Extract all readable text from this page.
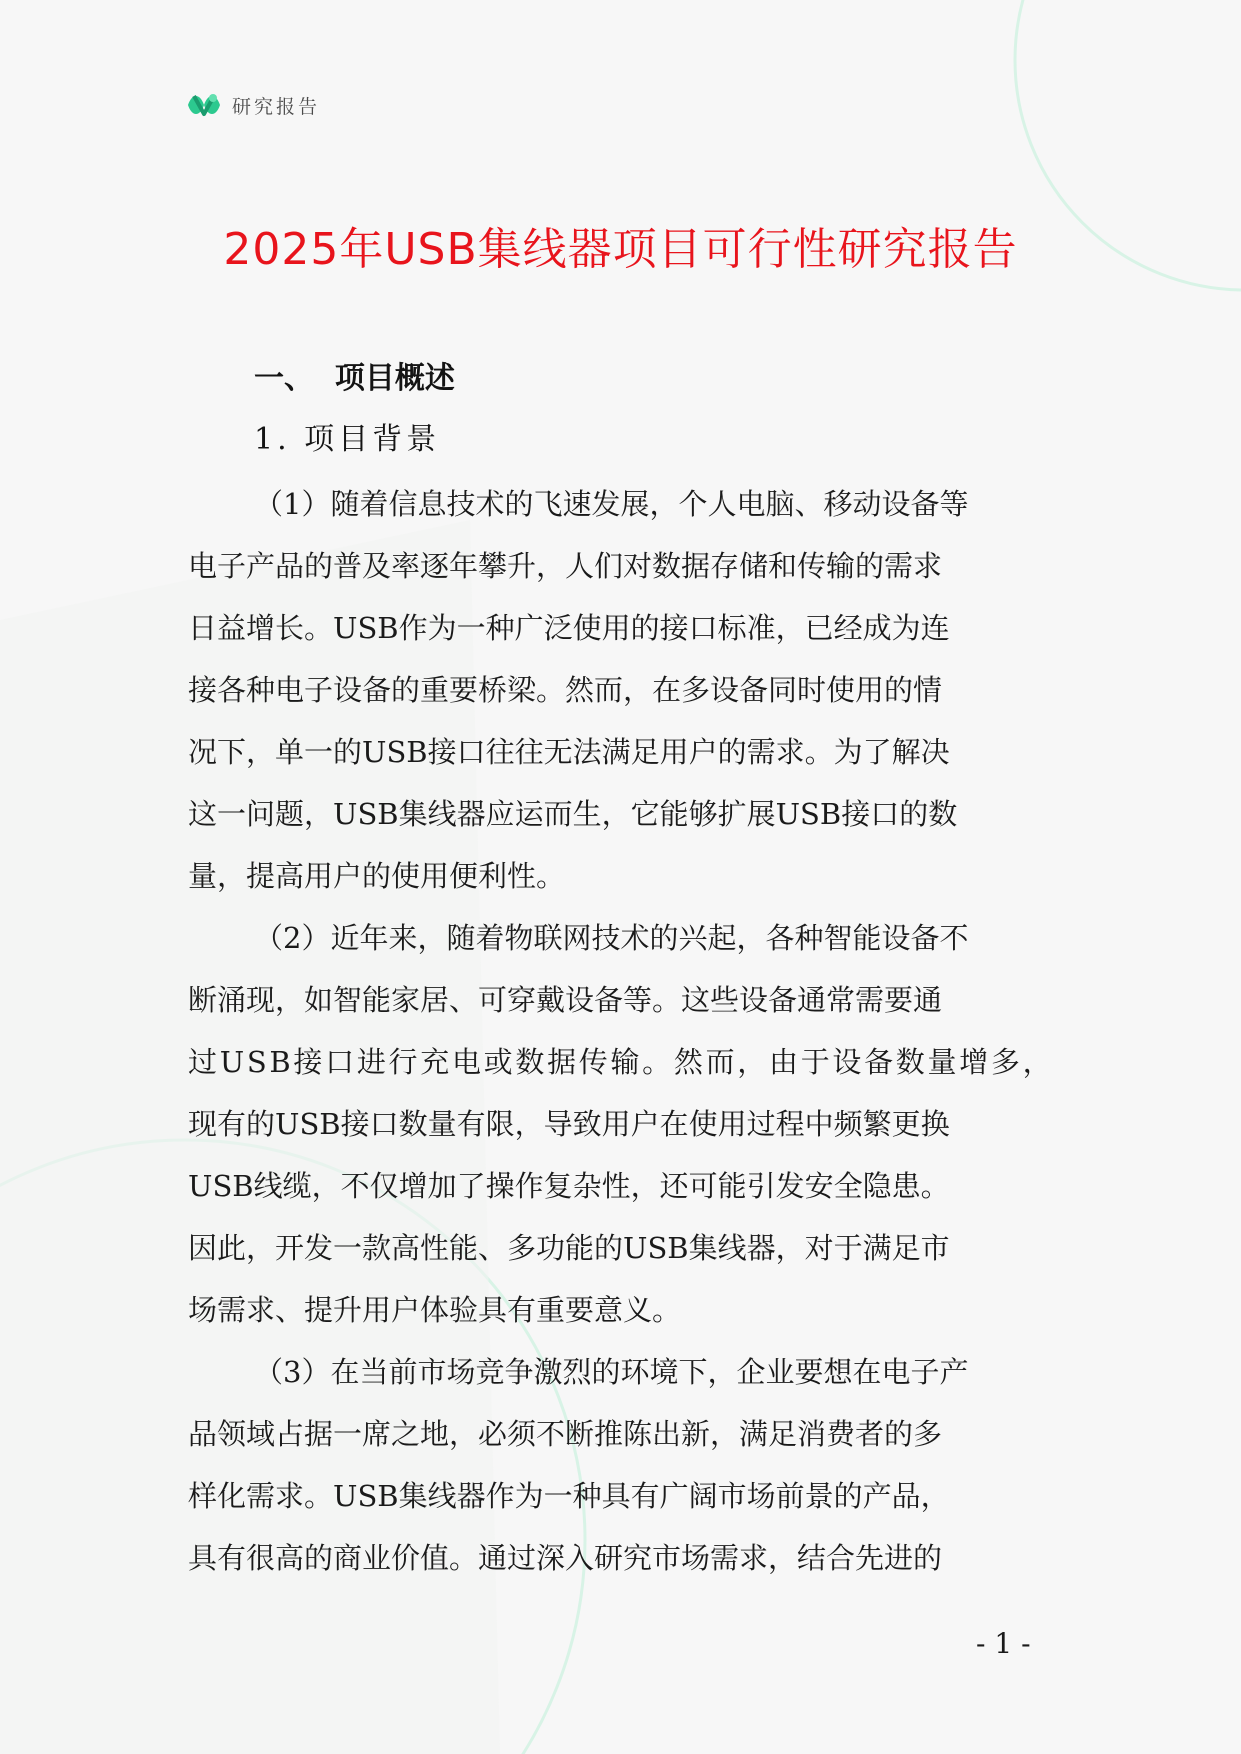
研究报告
2025年USB集线器项目可行性研究报告
一、  项目概述
1. 项目背景
（1）随着信息技术的飞速发展，个人电脑、移动设备等
电子产品的普及率逐年攀升，人们对数据存储和传输的需求
日益增长。USB作为一种广泛使用的接口标准，已经成为连
接各种电子设备的重要桥梁。然而，在多设备同时使用的情
况下，单一的USB接口往往无法满足用户的需求。为了解决
这一问题，USB集线器应运而生，它能够扩展USB接口的数
量，提高用户的使用便利性。
（2）近年来，随着物联网技术的兴起，各种智能设备不
断涌现，如智能家居、可穿戴设备等。这些设备通常需要通
过USB接口进行充电或数据传输。然而，由于设备数量增多，
现有的USB接口数量有限，导致用户在使用过程中频繁更换
USB线缆，不仅增加了操作复杂性，还可能引发安全隐患。
因此，开发一款高性能、多功能的USB集线器，对于满足市
场需求、提升用户体验具有重要意义。
（3）在当前市场竞争激烈的环境下，企业要想在电子产
品领域占据一席之地，必须不断推陈出新，满足消费者的多
样化需求。USB集线器作为一种具有广阔市场前景的产品，
具有很高的商业价值。通过深入研究市场需求，结合先进的
- 1 -
